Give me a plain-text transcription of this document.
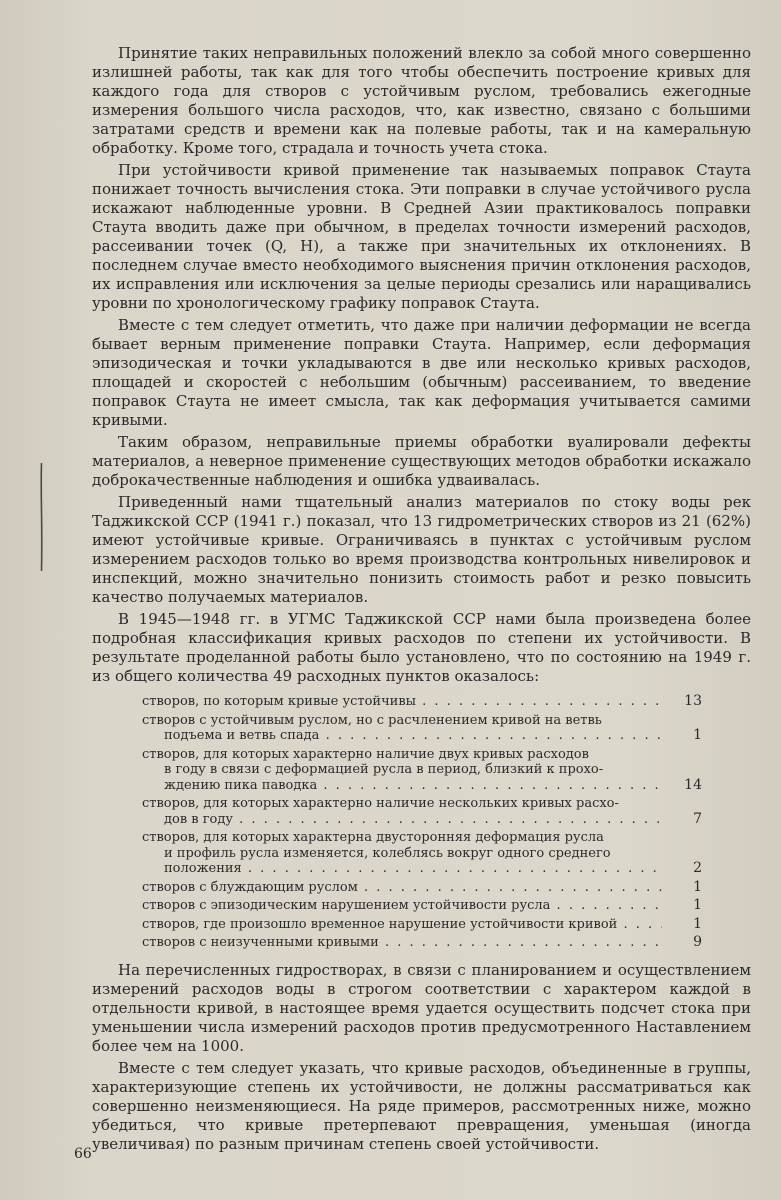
Принятие таких неправильных положений влекло за собой много совершенно излишней работы, так как для того чтобы обеспечить построение кривых для каждого года для створов с устойчивым руслом, требовались ежегодные измерения большого числа расходов, что, как известно, связано с большими затратами средств и времени как на полевые работы, так и на камеральную обработку. Кроме того, страдала и точность учета стока.

При устойчивости кривой применение так называемых поправок Стаута понижает точность вычисления стока. Эти поправки в случае устойчивого русла искажают наблюденные уровни. В Средней Азии практиковалось поправки Стаута вводить даже при обычном, в пределах точности измерений расходов, рассеивании точек (Q, H), а также при значительных их отклонениях. В последнем случае вместо необходимого выяснения причин отклонения расходов, их исправления или исключения за целые периоды срезались или наращивались уровни по хронологическому графику поправок Стаута.

Вместе с тем следует отметить, что даже при наличии деформации не всегда бывает верным применение поправки Стаута. Например, если деформация эпизодическая и точки укладываются в две или несколько кривых расходов, площадей и скоростей с небольшим (обычным) рассеиванием, то введение поправок Стаута не имеет смысла, так как деформация учитывается самими кривыми.

Таким образом, неправильные приемы обработки вуалировали дефекты материалов, а неверное применение существующих методов обработки искажало доброкачественные наблюдения и ошибка удваивалась.

Приведенный нами тщательный анализ материалов по стоку воды рек Таджикской ССР (1941 г.) показал, что 13 гидрометрических створов из 21 (62%) имеют устойчивые кривые. Ограничиваясь в пунктах с устойчивым руслом измерением расходов только во время производства контрольных нивелировок и инспекций, можно значительно понизить стоимость работ и резко повысить качество получаемых материалов.

В 1945—1948 гг. в УГМС Таджикской ССР нами была произведена более подробная классификация кривых расходов по степени их устойчивости. В результате проделанной работы было установлено, что по состоянию на 1949 г. из общего количества 49 расходных пунктов оказалось:

створов, по которым кривые устойчивы . . .	13
створов с устойчивым руслом, но с расчленением кривой на ветвь
подъема и ветвь спада . . .	1
створов, для которых характерно наличие двух кривых расходов
в году в связи с деформацией русла в период, близкий к прохо-
ждению пика паводка . . .	14
створов, для которых характерно наличие нескольких кривых расхо-
дов в году . . .	7
створов, для которых характерна двусторонняя деформация русла
и профиль русла изменяется, колеблясь вокруг одного среднего
положения . . .	2
створов с блуждающим руслом . . .	1
створов с эпизодическим нарушением устойчивости русла . . .	1
створов, где произошло временное нарушение устойчивости кривой . . .	1
створов с неизученными кривыми . . .	9

На перечисленных гидростворах, в связи с планированием и осуществлением измерений расходов воды в строгом соответствии с характером каждой в отдельности кривой, в настоящее время удается осуществить подсчет стока при уменьшении числа измерений расходов против предусмотренного Наставлением более чем на 1000.

Вместе с тем следует указать, что кривые расходов, объединенные в группы, характеризующие степень их устойчивости, не должны рассматриваться как совершенно неизменяющиеся. На ряде примеров, рассмотренных ниже, можно убедиться, что кривые претерпевают превращения, уменьшая (иногда увеличивая) по разным причинам степень своей устойчивости.

66
